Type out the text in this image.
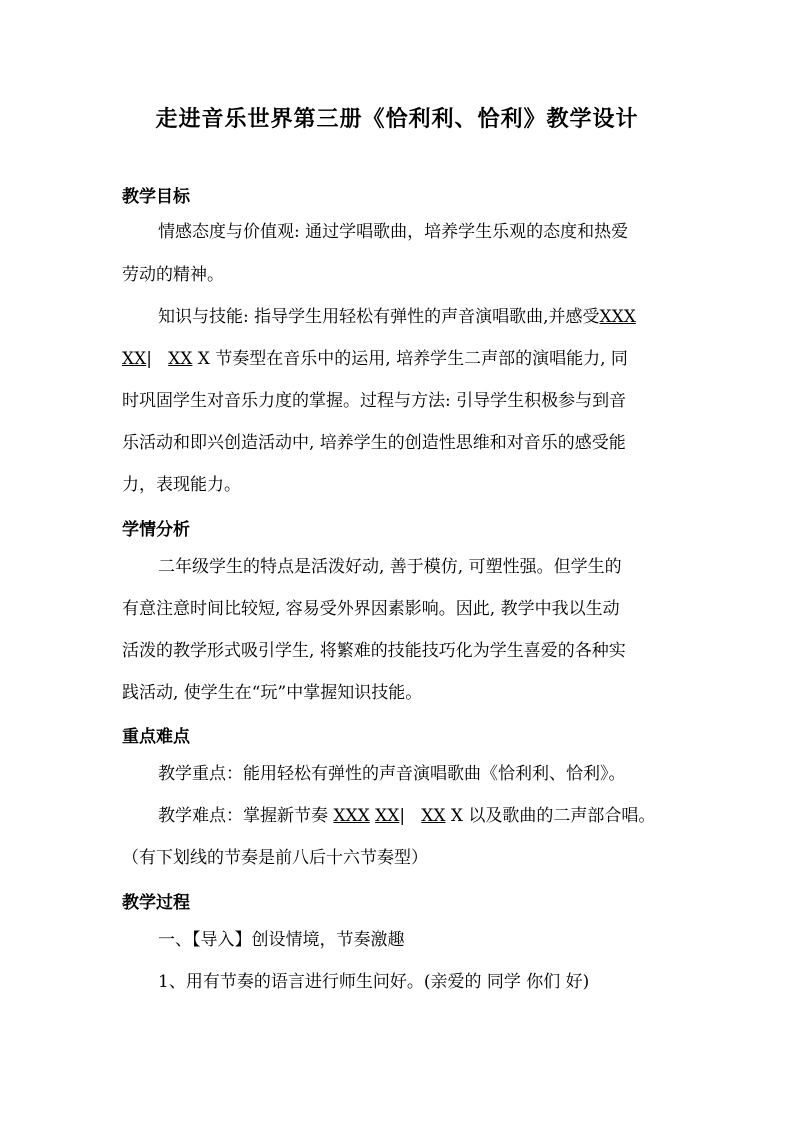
走进音乐世界第三册《恰利利、恰利》教学设计
教学目标
情感态度与价值观: 通过学唱歌曲，培养学生乐观的态度和热爱
劳动的精神。
知识与技能: 指导学生用轻松有弹性的声音演唱歌曲,并感受XXX
XX| XX X 节奏型在音乐中的运用, 培养学生二声部的演唱能力, 同
时巩固学生对音乐力度的掌握。过程与方法: 引导学生积极参与到音
乐活动和即兴创造活动中, 培养学生的创造性思维和对音乐的感受能
力，表现能力。
学情分析
二年级学生的特点是活泼好动, 善于模仿, 可塑性强。但学生的
有意注意时间比较短, 容易受外界因素影响。因此, 教学中我以生动
活泼的教学形式吸引学生, 将繁难的技能技巧化为学生喜爱的各种实
践活动, 使学生在“玩”中掌握知识技能。
重点难点
教学重点：能用轻松有弹性的声音演唱歌曲《恰利利、恰利》。
教学难点：掌握新节奏 XXX XX| XX X 以及歌曲的二声部合唱。
（有下划线的节奏是前八后十六节奏型）
教学过程
一、【导入】创设情境，节奏激趣
1、用有节奏的语言进行师生问好。(亲爱的 同学 你们 好)
